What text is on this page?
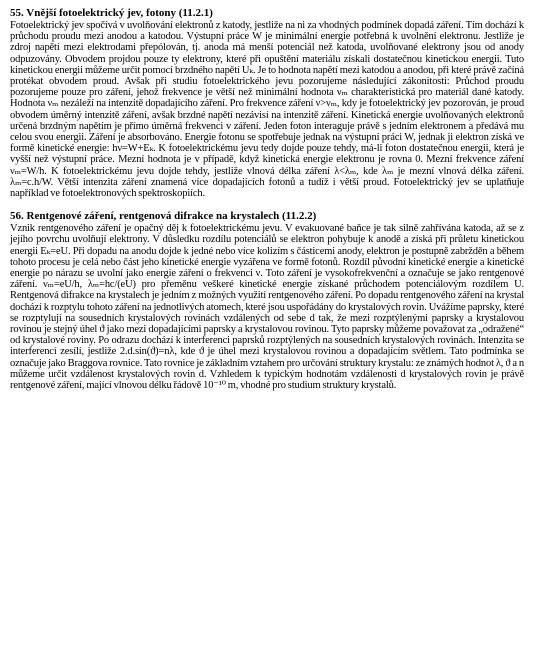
55. Vnější fotoelektrický jev, fotony (11.2.1)

Fotoelektrický jev spočívá v uvolňování elektronů z katody, jestliže na ni za vhodných podmínek dopadá záření. Tím dochází k průchodu proudu mezi anodou a katodou. Výstupní práce W je minimální energie potřebná k uvolnění elektronu. Jestliže je zdroj napětí mezi elektrodami přepólován, tj. anoda má menší potenciál než katoda, uvolňované elektrony jsou od anody odpuzovány. Obvodem projdou pouze ty elektrony, které při opuštění materiálu získali dostatečnou kinetickou energii. Tuto kinetickou energii můžeme určit pomocí brzdného napětí Uₖ. Je to hodnota napětí mezi katodou a anodou, při které právě začíná protékat obvodem proud. Avšak při studiu fotoelektrického jevu pozorujeme následující zákonitosti: Průchod proudu pozorujeme pouze pro záření, jehož frekvence je větší než minimální hodnota νₘ charakteristická pro materiál dané katody. Hodnota νₘ nezáleží na intenzitě dopadajícího záření. Pro frekvence záření ν>νₘ, kdy je fotoelektrický jev pozorován, je proud obvodem úměrný intenzitě záření, avšak brzdné napětí nezávisí na intenzitě záření. Kinetická energie uvolňovaných elektronů určená brzdným napětím je přímo úměrná frekvenci v záření. Jeden foton interaguje právě s jedním elektronem a předává mu celou svou energii. Záření je absorbováno. Energie fotonu se spotřebuje jednak na výstupní práci W, jednak ji elektron získá ve formě kinetické energie: hν=W+Eₖ. K fotoelektrickému jevu tedy dojde pouze tehdy, má-li foton dostatečnou energii, která je vyšší než výstupní práce. Mezní hodnota je v případě, když kinetická energie elektronu je rovna 0. Mezní frekvence záření νₘ=W/h. K fotoelektrickému jevu dojde tehdy, jestliže vlnová délka záření λ<λₘ, kde λₘ je mezní vlnová délka záření. λₘ=c.h/W. Větší intenzita záření znamená více dopadajících fotonů a tudíž i větší proud. Fotoelektrický jev se uplatňuje například ve fotoelektronových spektroskopiích.

56. Rentgenové záření, rentgenová difrakce na krystalech (11.2.2)

Vznik rentgenového záření je opačný děj k fotoelektrickému jevu. V evakuované baňce je tak silně zahřívána katoda, až se z jejího povrchu uvolňují elektrony. V důsledku rozdílu potenciálů se elektron pohybuje k anodě a získá při průletu kinetickou energii Eₖ=eU. Při dopadu na anodu dojde k jedné nebo více kolizím s částicemi anody, elektron je postupně zabržděn a během tohoto procesu je celá nebo část jeho kinetické energie vyzářena ve formě fotonů. Rozdíl původní kinetické energie a kinetické energie po nárazu se uvolní jako energie záření o frekvenci ν. Toto záření je vysokofrekvenční a označuje se jako rentgenové záření. νₘ=eU/h, λₘ=hc/(eU) pro přeměnu veškeré kinetické energie získané průchodem potenciálovým rozdílem U. Rentgenová difrakce na krystalech je jedním z možných využití rentgenového záření. Po dopadu rentgenového záření na krystal dochází k rozptylu tohoto záření na jednotlivých atomech, které jsou uspořádány do krystalových rovin. Uvážíme paprsky, které se rozptylují na sousedních krystalových rovinách vzdálených od sebe d tak, že mezi rozptýlenými paprsky a krystalovou rovinou je stejný úhel ϑ jako mezi dopadajícími paprsky a krystalovou rovinou. Tyto paprsky můžeme považovat za „odražené“ od krystalové roviny. Po odrazu dochází k interferenci paprsků rozptýlených na sousedních krystalových rovinách. Intenzita se interferencí zesílí, jestliže 2.d.sin(ϑ)=nλ, kde ϑ je úhel mezi krystalovou rovinou a dopadajícím světlem. Tato podmínka se označuje jako Braggova rovnice. Tato rovnice je základním vztahem pro určování struktury krystalu: ze známých hodnot λ, ϑ a n můžeme určit vzdálenost krystalových rovin d. Vzhledem k typickým hodnotám vzdálenosti d krystalových rovin je právě rentgenové záření, mající vlnovou délku řádově 10⁻¹⁰ m, vhodné pro studium struktury krystalů.
